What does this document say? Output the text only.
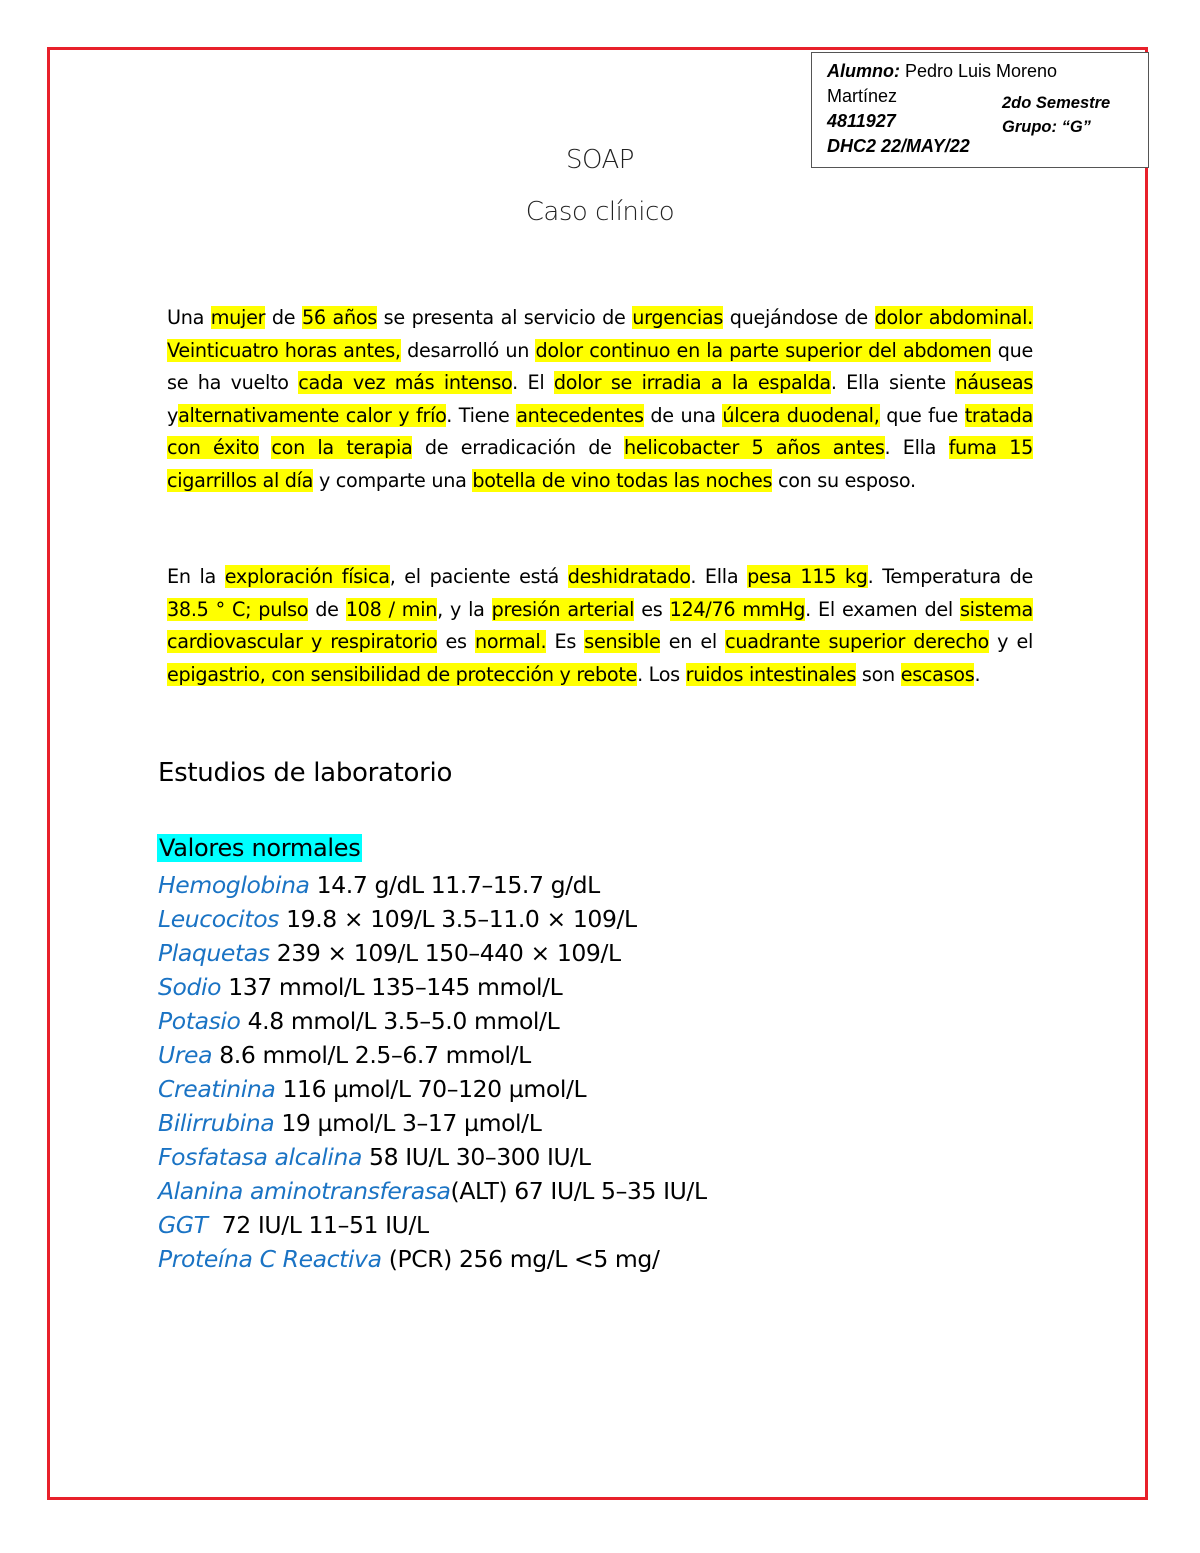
Alumno: Pedro Luis Moreno
Martínez
4811927
DHC2 22/MAY/22
2do Semestre
Grupo: “G”
SOAP
Caso clínico
Una mujer de 56 años se presenta al servicio de urgencias quejándose de dolor abdominal. Veinticuatro horas antes, desarrolló un dolor continuo en la parte superior del abdomen que se ha vuelto cada vez más intenso. El dolor se irradia a la espalda. Ella siente náuseas yalternativamente calor y frío. Tiene antecedentes de una úlcera duodenal, que fue tratada con éxito con la terapia de erradicación de helicobacter 5 años antes. Ella fuma 15 cigarrillos al día y comparte una botella de vino todas las noches con su esposo.
En la exploración física, el paciente está deshidratado. Ella pesa 115 kg. Temperatura de 38.5 ° C; pulso de 108 / min, y la presión arterial es 124/76 mmHg. El examen del sistema cardiovascular y respiratorio es normal. Es sensible en el cuadrante superior derecho y el epigastrio, con sensibilidad de protección y rebote. Los ruidos intestinales son escasos.
Estudios de laboratorio
Valores normales
Hemoglobina 14.7 g/dL 11.7–15.7 g/dL
Leucocitos 19.8 × 109/L 3.5–11.0 × 109/L
Plaquetas 239 × 109/L 150–440 × 109/L
Sodio 137 mmol/L 135–145 mmol/L
Potasio 4.8 mmol/L 3.5–5.0 mmol/L
Urea 8.6 mmol/L 2.5–6.7 mmol/L
Creatinina 116 µmol/L 70–120 µmol/L
Bilirrubina 19 µmol/L 3–17 µmol/L
Fosfatasa alcalina 58 IU/L 30–300 IU/L
Alanina aminotransferasa(ALT) 67 IU/L 5–35 IU/L
GGT  72 IU/L 11–51 IU/L
Proteína C Reactiva (PCR) 256 mg/L <5 mg/
